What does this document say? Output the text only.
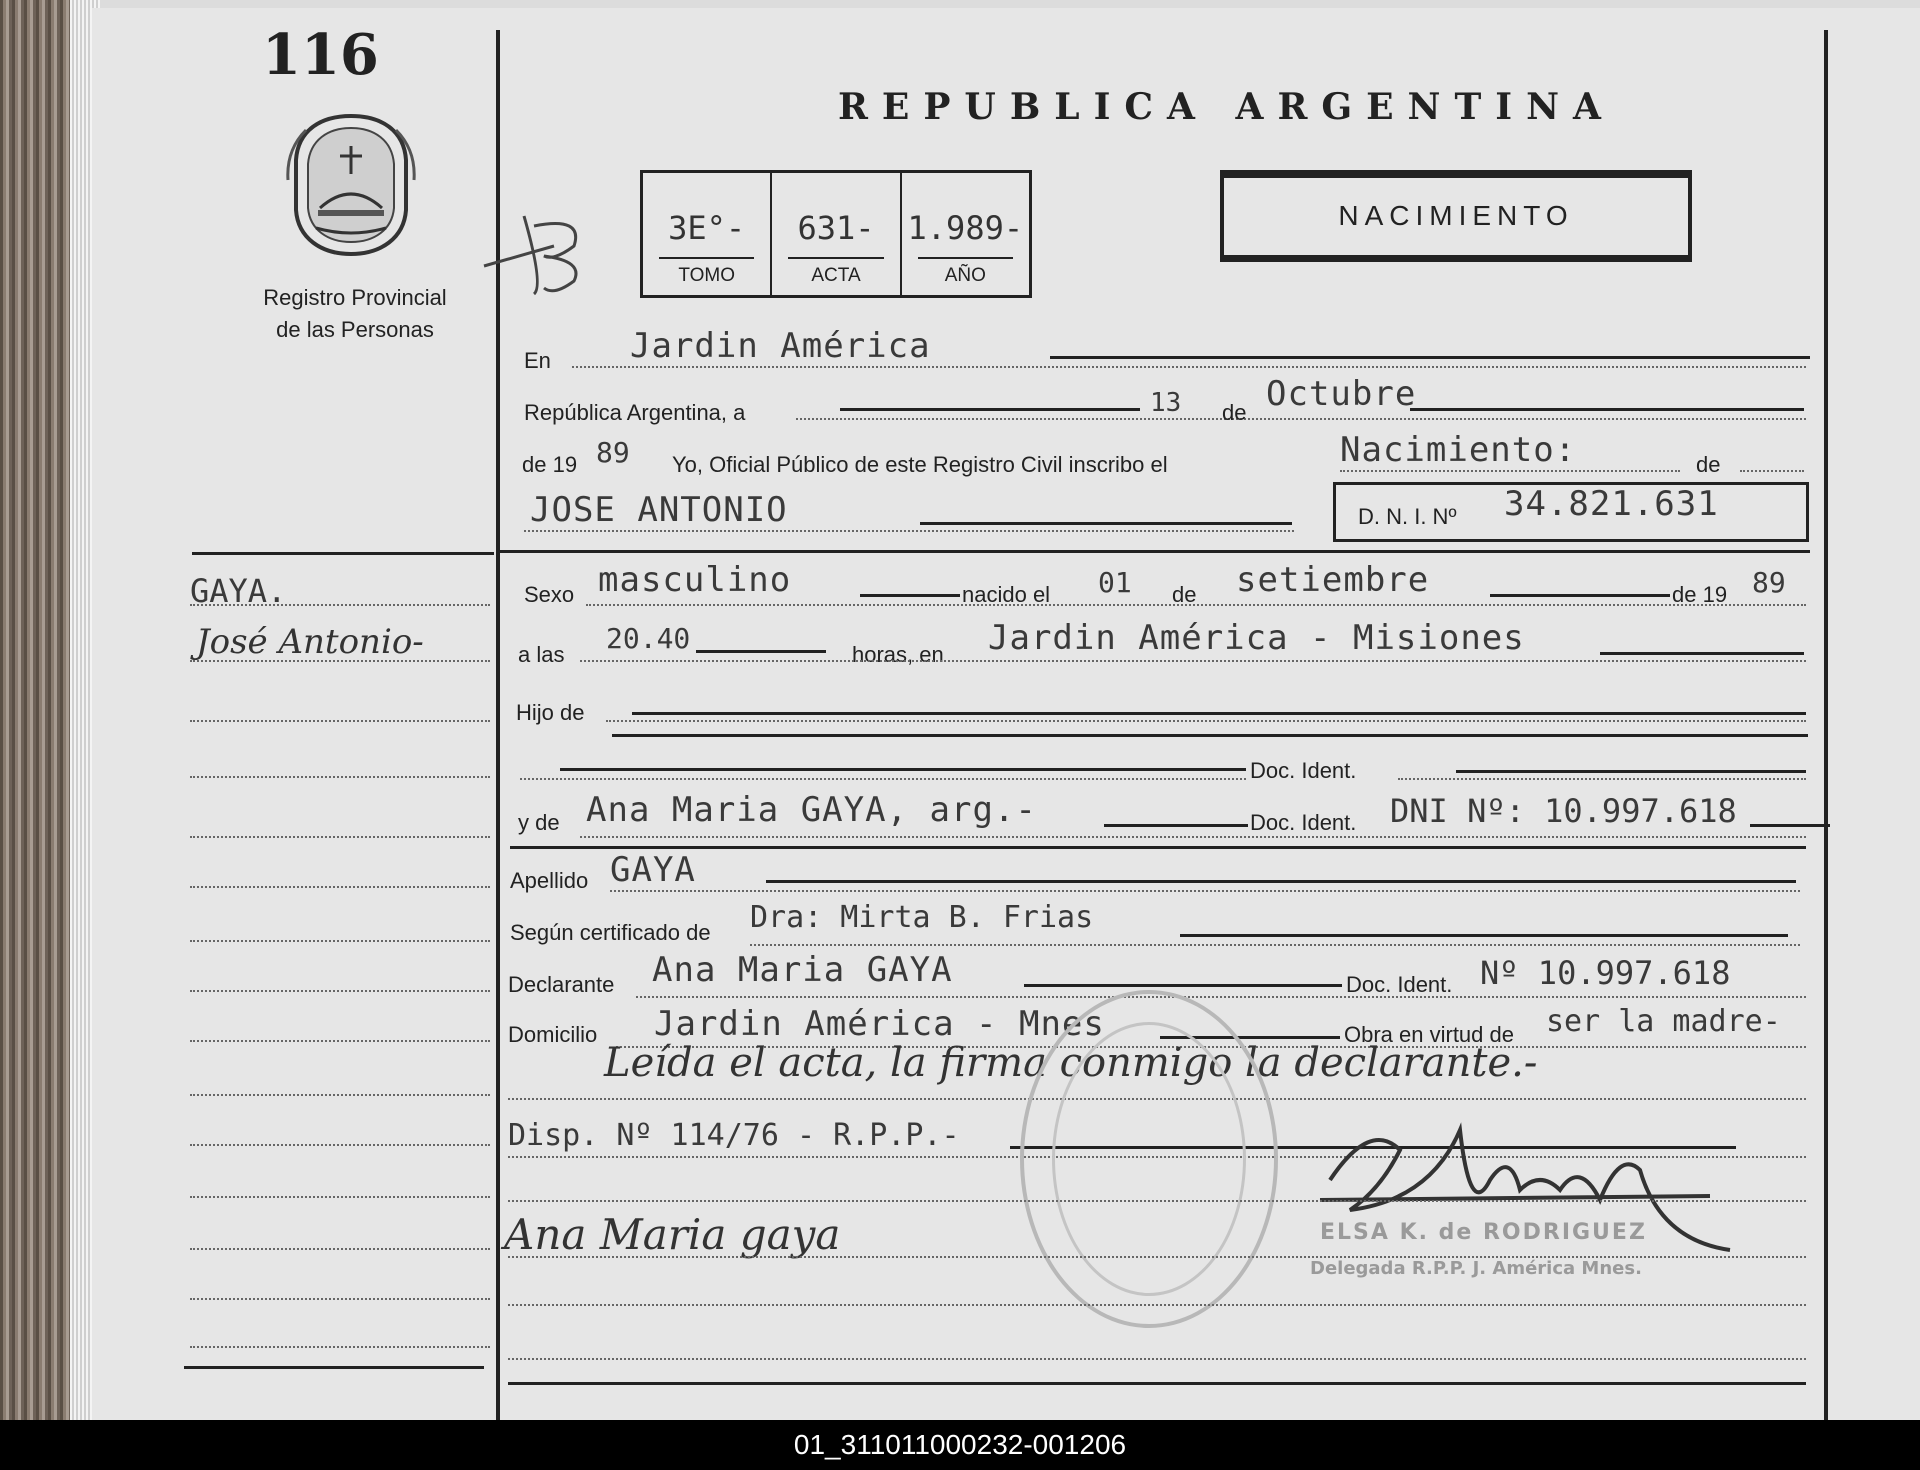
116
Registro Provincial
de las Personas
REPUBLICA ARGENTINA
3E°-
TOMO
631-
ACTA
1.989-
AÑO
NACIMIENTO
GAYA.
José Antonio-
En Jardin América
República Argentina, a	13 de Octubre
de 19 89 Yo, Oficial Público de este Registro Civil inscribo el	Nacimiento:	de
JOSE ANTONIO	D. N. I. Nº 34.821.631
Sexo masculino	nacido el 01 de setiembre	de 19 89
a las 20.40	horas, en Jardin América - Misiones
Hijo de
Doc. Ident.
y de Ana Maria GAYA, arg.-	Doc. Ident. DNI Nº: 10.997.618
Apellido GAYA
Según certificado de Dra: Mirta B. Frias
Declarante Ana Maria GAYA	Doc. Ident. Nº 10.997.618
Domicilio Jardin América - Mnes	Obra en virtud de ser la madre-
Leída el acta, la firma conmigo la declarante.-
Disp. Nº 114/76 - R.P.P.-
ELSA K. de RODRIGUEZ
Delegada R.P.P. J. América Mnes.
Ana Maria gaya
01_311011000232-001206
